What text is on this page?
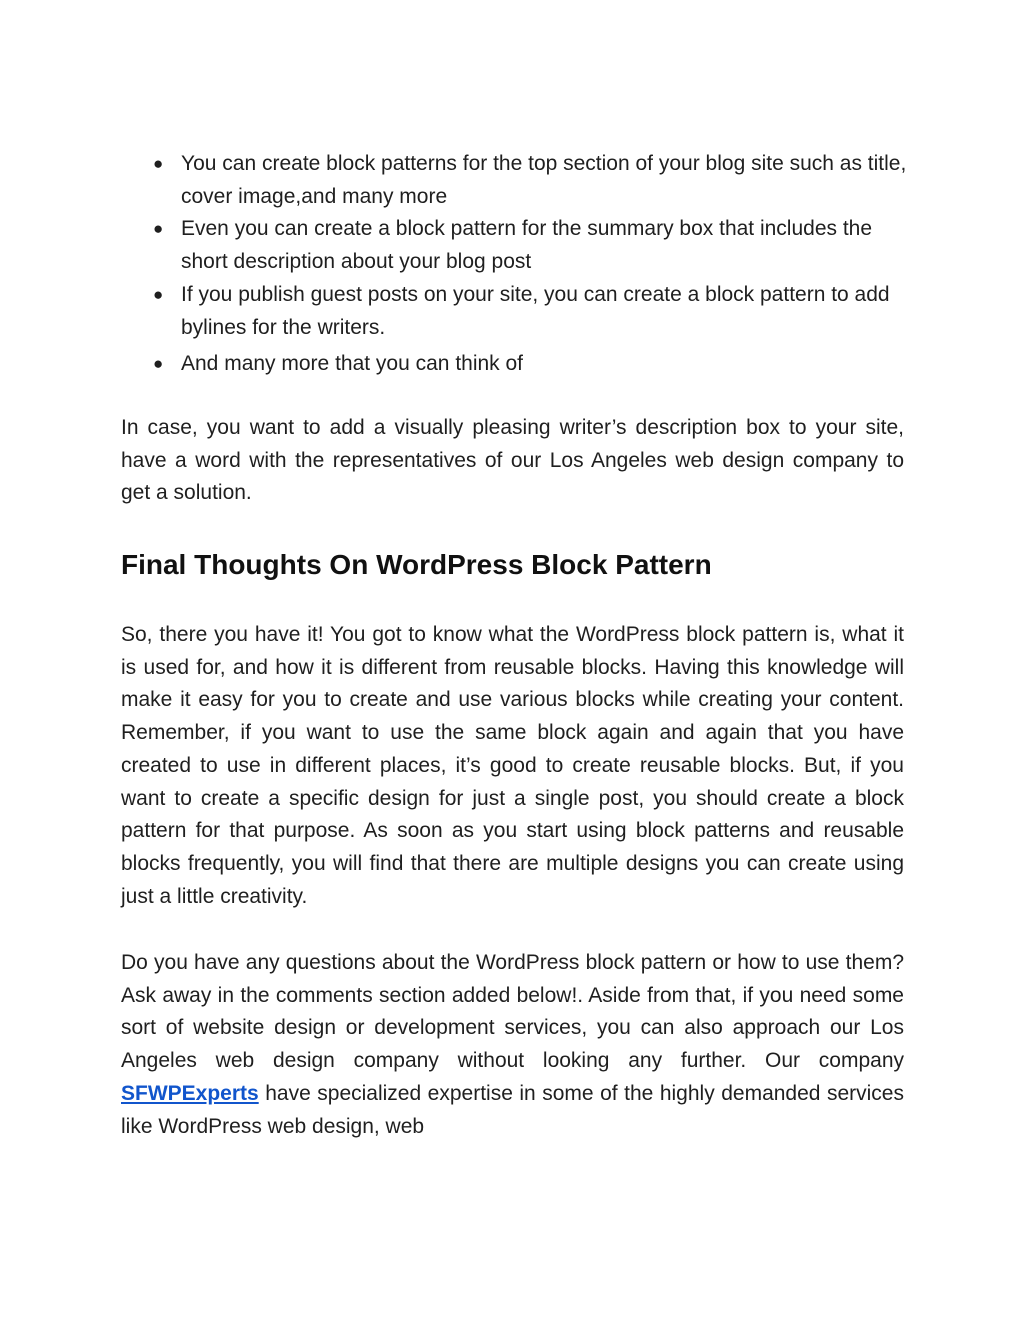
● You can create block patterns for the top section of your blog site such as title, cover image,and many more
● Even you can create a block pattern for the summary box that includes the short description about your blog post
● If you publish guest posts on your site, you can create a block pattern to add bylines for the writers.
● And many more that you can think of

In case, you want to add a visually pleasing writer’s description box to your site, have a word with the representatives of our Los Angeles web design company to get a solution.

Final Thoughts On WordPress Block Pattern

So, there you have it! You got to know what the WordPress block pattern is, what it is used for, and how it is different from reusable blocks. Having this knowledge will make it easy for you to create and use various blocks while creating your content. Remember, if you want to use the same block again and again that you have created to use in different places, it’s good to create reusable blocks. But, if you want to create a specific design for just a single post, you should create a block pattern for that purpose. As soon as you start using block patterns and reusable blocks frequently, you will find that there are multiple designs you can create using just a little creativity.

Do you have any questions about the WordPress block pattern or how to use them? Ask away in the comments section added below!. Aside from that, if you need some sort of website design or development services, you can also approach our Los Angeles web design company without looking any further. Our company SFWPExperts have specialized expertise in some of the highly demanded services like WordPress web design, web
